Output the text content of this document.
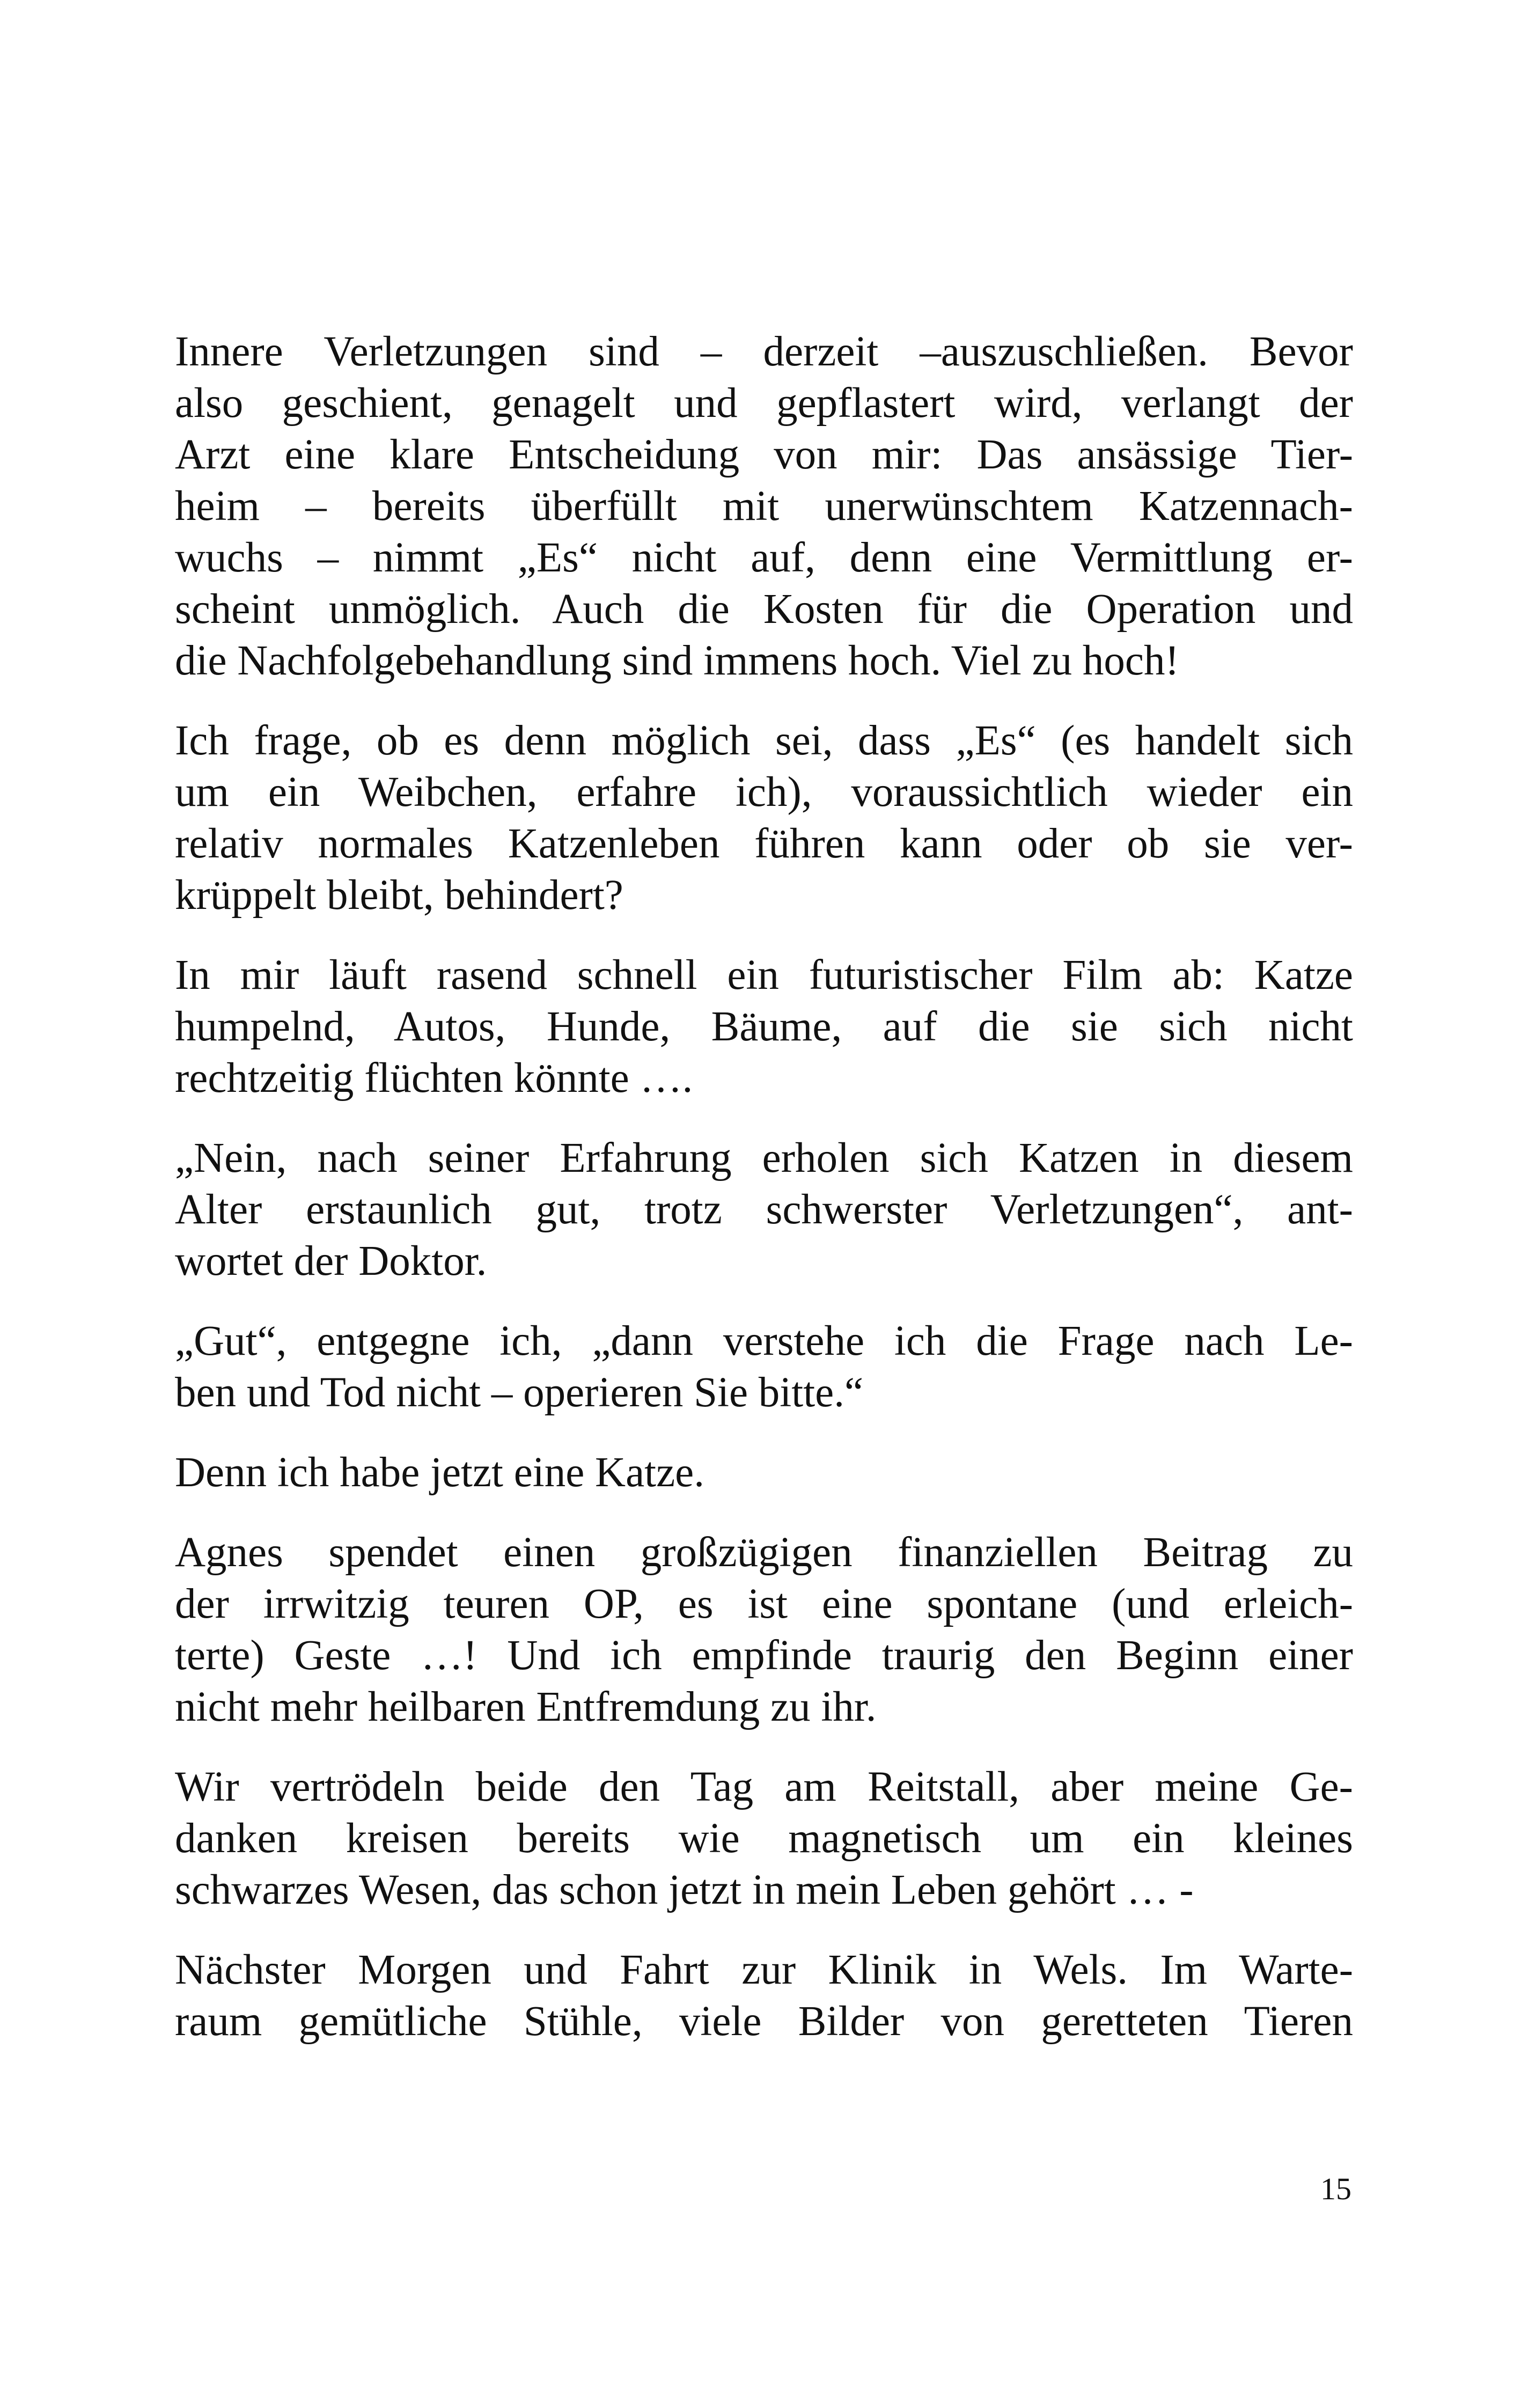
Innere Verletzungen sind – derzeit –auszuschließen. Bevor
also geschient, genagelt und gepflastert wird, verlangt der
Arzt eine klare Entscheidung von mir: Das ansässige Tier-
heim – bereits überfüllt mit unerwünschtem Katzennach-
wuchs – nimmt „Es“ nicht auf, denn eine Vermittlung er-
scheint unmöglich. Auch die Kosten für die Operation und
die Nachfolgebehandlung sind immens hoch. Viel zu hoch!

Ich frage, ob es denn möglich sei, dass „Es“ (es handelt sich
um ein Weibchen, erfahre ich), voraussichtlich wieder ein
relativ normales Katzenleben führen kann oder ob sie ver-
krüppelt bleibt, behindert?

In mir läuft rasend schnell ein futuristischer Film ab: Katze
humpelnd, Autos, Hunde, Bäume, auf die sie sich nicht
rechtzeitig flüchten könnte ….

„Nein, nach seiner Erfahrung erholen sich Katzen in diesem
Alter erstaunlich gut, trotz schwerster Verletzungen“, ant-
wortet der Doktor.

„Gut“, entgegne ich, „dann verstehe ich die Frage nach Le-
ben und Tod nicht – operieren Sie bitte.“

Denn ich habe jetzt eine Katze.

Agnes spendet einen großzügigen finanziellen Beitrag zu
der irrwitzig teuren OP, es ist eine spontane (und erleich-
terte) Geste …! Und ich empfinde traurig den Beginn einer
nicht mehr heilbaren Entfremdung zu ihr.

Wir vertrödeln beide den Tag am Reitstall, aber meine Ge-
danken kreisen bereits wie magnetisch um ein kleines
schwarzes Wesen, das schon jetzt in mein Leben gehört … -

Nächster Morgen und Fahrt zur Klinik in Wels. Im Warte-
raum gemütliche Stühle, viele Bilder von geretteten Tieren

15
